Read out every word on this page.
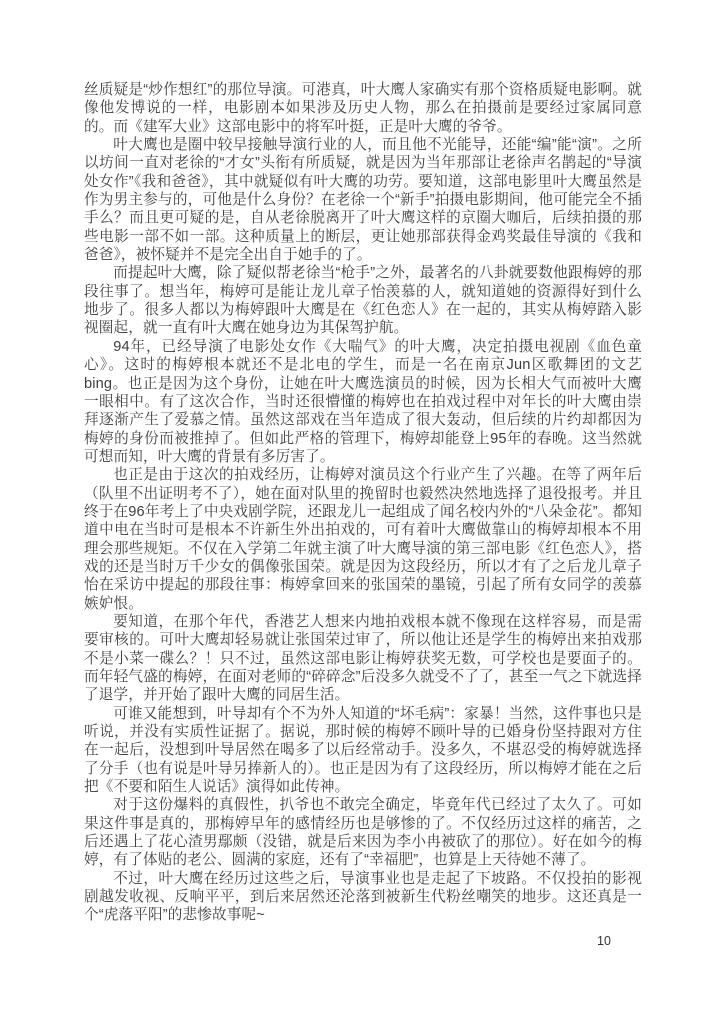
丝质疑是“炒作想红”的那位导演。可港真，叶大鹰人家确实有那个资格质疑电影啊。就像他发博说的一样，电影剧本如果涉及历史人物，那么在拍摄前是要经过家属同意的。而《建军大业》这部电影中的将军叶挺，正是叶大鹰的爷爷。

叶大鹰也是圈中较早接触导演行业的人，而且他不光能导，还能“编”能“演”。之所以坊间一直对老徐的“才女”头衔有所质疑，就是因为当年那部让老徐声名鹊起的“导演处女作”《我和爸爸》，其中就疑似有叶大鹰的功劳。要知道，这部电影里叶大鹰虽然是作为男主参与的，可他是什么身份？在老徐一个“新手”拍摄电影期间，他可能完全不插手么？而且更可疑的是，自从老徐脱离开了叶大鹰这样的京圈大咖后，后续拍摄的那些电影一部不如一部。这种质量上的断层，更让她那部获得金鸡奖最佳导演的《我和爸爸》，被怀疑并不是完全出自于她手的了。

而提起叶大鹰，除了疑似帮老徐当“枪手”之外，最著名的八卦就要数他跟梅婷的那段往事了。想当年，梅婷可是能让龙儿章子怡羡慕的人，就知道她的资源得好到什么地步了。很多人都以为梅婷跟叶大鹰是在《红色恋人》在一起的，其实从梅婷踏入影视圈起，就一直有叶大鹰在她身边为其保驾护航。

94年，已经导演了电影处女作《大喘气》的叶大鹰，决定拍摄电视剧《血色童心》。这时的梅婷根本就还不是北电的学生，而是一名在南京Jun区歌舞团的文艺bing。也正是因为这个身份，让她在叶大鹰选演员的时候，因为长相大气而被叶大鹰一眼相中。有了这次合作，当时还很懵懂的梅婷也在拍戏过程中对年长的叶大鹰由崇拜逐渐产生了爱慕之情。虽然这部戏在当年造成了很大轰动，但后续的片约却都因为梅婷的身份而被推掉了。但如此严格的管理下，梅婷却能登上95年的春晚。这当然就可想而知，叶大鹰的背景有多厉害了。

也正是由于这次的拍戏经历，让梅婷对演员这个行业产生了兴趣。在等了两年后（队里不出证明考不了），她在面对队里的挽留时也毅然决然地选择了退役报考。并且终于在96年考上了中央戏剧学院，还跟龙儿一起组成了闻名校内外的“八朵金花”。都知道中电在当时可是根本不许新生外出拍戏的，可有着叶大鹰做靠山的梅婷却根本不用理会那些规矩。不仅在入学第二年就主演了叶大鹰导演的第三部电影《红色恋人》，搭戏的还是当时万千少女的偶像张国荣。就是因为这段经历，所以才有了之后龙儿章子怡在采访中提起的那段往事：梅婷拿回来的张国荣的墨镜，引起了所有女同学的羡慕嫉妒恨。

要知道，在那个年代，香港艺人想来内地拍戏根本就不像现在这样容易，而是需要审核的。可叶大鹰却轻易就让张国荣过审了，所以他让还是学生的梅婷出来拍戏那不是小菜一碟么？！只不过，虽然这部电影让梅婷获奖无数，可学校也是要面子的。而年轻气盛的梅婷，在面对老师的“碎碎念”后没多久就受不了了，甚至一气之下就选择了退学，并开始了跟叶大鹰的同居生活。

可谁又能想到，叶导却有个不为外人知道的“坏毛病”：家暴！当然，这件事也只是听说，并没有实质性证据了。据说，那时候的梅婷不顾叶导的已婚身份坚持跟对方住在一起后，没想到叶导居然在喝多了以后经常动手。没多久，不堪忍受的梅婷就选择了分手（也有说是叶导另捧新人的）。也正是因为有了这段经历，所以梅婷才能在之后把《不要和陌生人说话》演得如此传神。

对于这份爆料的真假性，扒爷也不敢完全确定，毕竟年代已经过了太久了。可如果这件事是真的，那梅婷早年的感情经历也是够惨的了。不仅经历过这样的痛苦，之后还遇上了花心渣男鄢颇（没错，就是后来因为李小冉被砍了的那位）。好在如今的梅婷，有了体贴的老公、圆满的家庭，还有了“幸福肥”，也算是上天待她不薄了。

不过，叶大鹰在经历过这些之后，导演事业也是走起了下坡路。不仅投拍的影视剧越发收视、反响平平，到后来居然还沦落到被新生代粉丝嘲笑的地步。这还真是一个“虎落平阳”的悲惨故事呢~

10
